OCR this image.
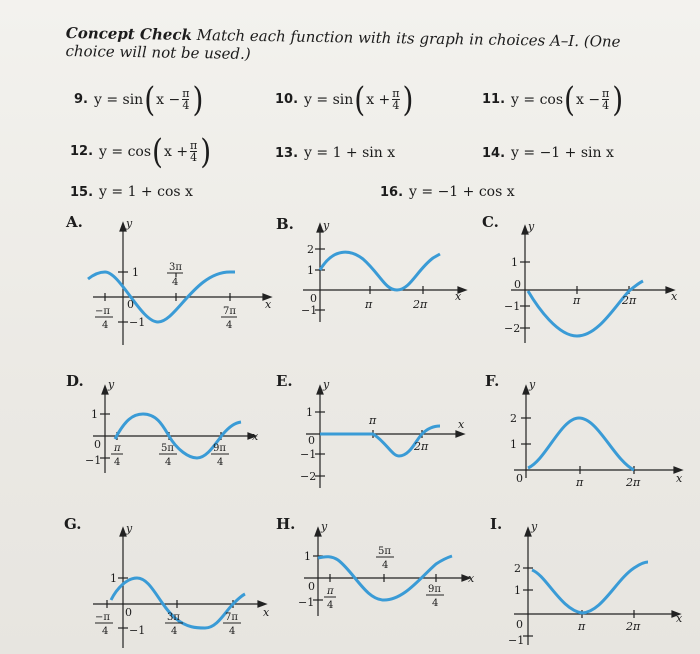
Concept Check Match each function with its graph in choices A–I. (One choice will not be used.)
9. y = sin ( $x - \frac{\pi}{4}$ )	10. y = sin ( $x + \frac{\pi}{4}$ )	11. y = cos ( $x - \frac{\pi}{4}$ )
12. y = cos ( $x + \frac{\pi}{4}$ )	13. y = 1 + sin x	14. y = −1 + sin x
15. y = 1 + cos x	16. y = −1 + cos x
A.	B.	C.
D.	E.	F.
G.	H.	I.
y
x
1
−1
0
3π
4
7π
4
−π
4
y
x
2
1
0
−1	π	2π
y
x
1
0
−1
−2
π	2π
y
x
1
0
−1
π
4
5π
4
9π
4
y
x
1
0
−1
−2
π
2π
y
x
2
1
0	π	2π
y
x
1
−1
0	3π
4
7π
4
−π
4
y
x
1
0
−1
π
4
5π
4
9π
4
y
x
2
1
0
−1
π	2π
